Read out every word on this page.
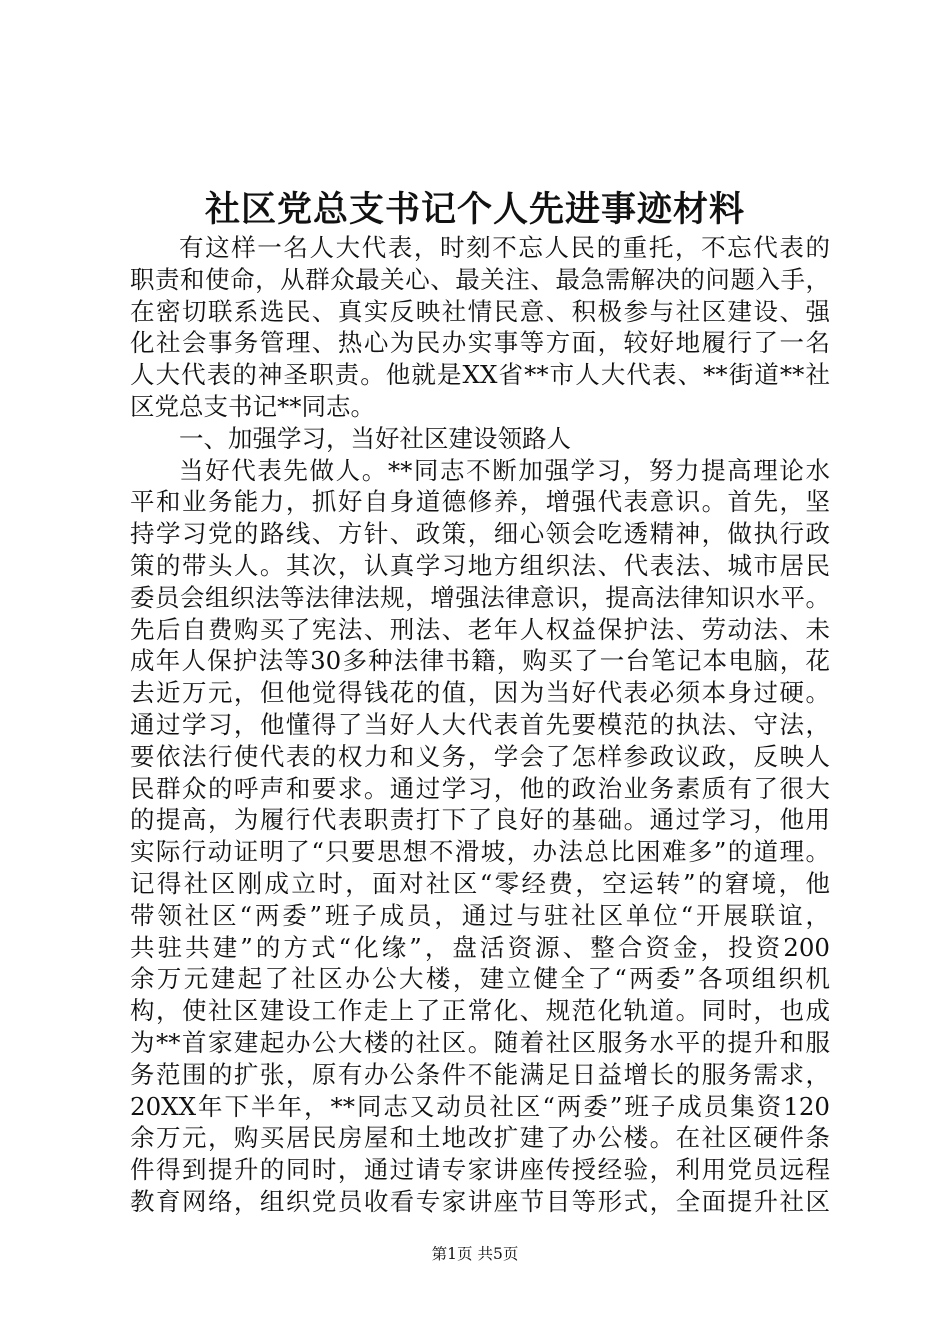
社区党总支书记个人先进事迹材料
有这样一名人大代表，时刻不忘人民的重托，不忘代表的
职责和使命，从群众最关心、最关注、最急需解决的问题入手，
在密切联系选民、真实反映社情民意、积极参与社区建设、强
化社会事务管理、热心为民办实事等方面，较好地履行了一名
人大代表的神圣职责。他就是XX省**市人大代表、**街道**社
区党总支书记**同志。
一、加强学习，当好社区建设领路人
当好代表先做人。**同志不断加强学习，努力提高理论水
平和业务能力，抓好自身道德修养，增强代表意识。首先，坚
持学习党的路线、方针、政策，细心领会吃透精神，做执行政
策的带头人。其次，认真学习地方组织法、代表法、城市居民
委员会组织法等法律法规，增强法律意识，提高法律知识水平。
先后自费购买了宪法、刑法、老年人权益保护法、劳动法、未
成年人保护法等30多种法律书籍，购买了一台笔记本电脑，花
去近万元，但他觉得钱花的值，因为当好代表必须本身过硬。
通过学习，他懂得了当好人大代表首先要模范的执法、守法，
要依法行使代表的权力和义务，学会了怎样参政议政，反映人
民群众的呼声和要求。通过学习，他的政治业务素质有了很大
的提高，为履行代表职责打下了良好的基础。通过学习，他用
实际行动证明了“只要思想不滑坡，办法总比困难多”的道理。
记得社区刚成立时，面对社区“零经费，空运转”的窘境，他
带领社区“两委”班子成员，通过与驻社区单位“开展联谊，
共驻共建”的方式“化缘”，盘活资源、整合资金，投资200
余万元建起了社区办公大楼，建立健全了“两委”各项组织机
构，使社区建设工作走上了正常化、规范化轨道。同时，也成
为**首家建起办公大楼的社区。随着社区服务水平的提升和服
务范围的扩张，原有办公条件不能满足日益增长的服务需求，
20XX年下半年，**同志又动员社区“两委”班子成员集资120
余万元，购买居民房屋和土地改扩建了办公楼。在社区硬件条
件得到提升的同时，通过请专家讲座传授经验，利用党员远程
教育网络，组织党员收看专家讲座节目等形式，全面提升社区
第1页 共5页
